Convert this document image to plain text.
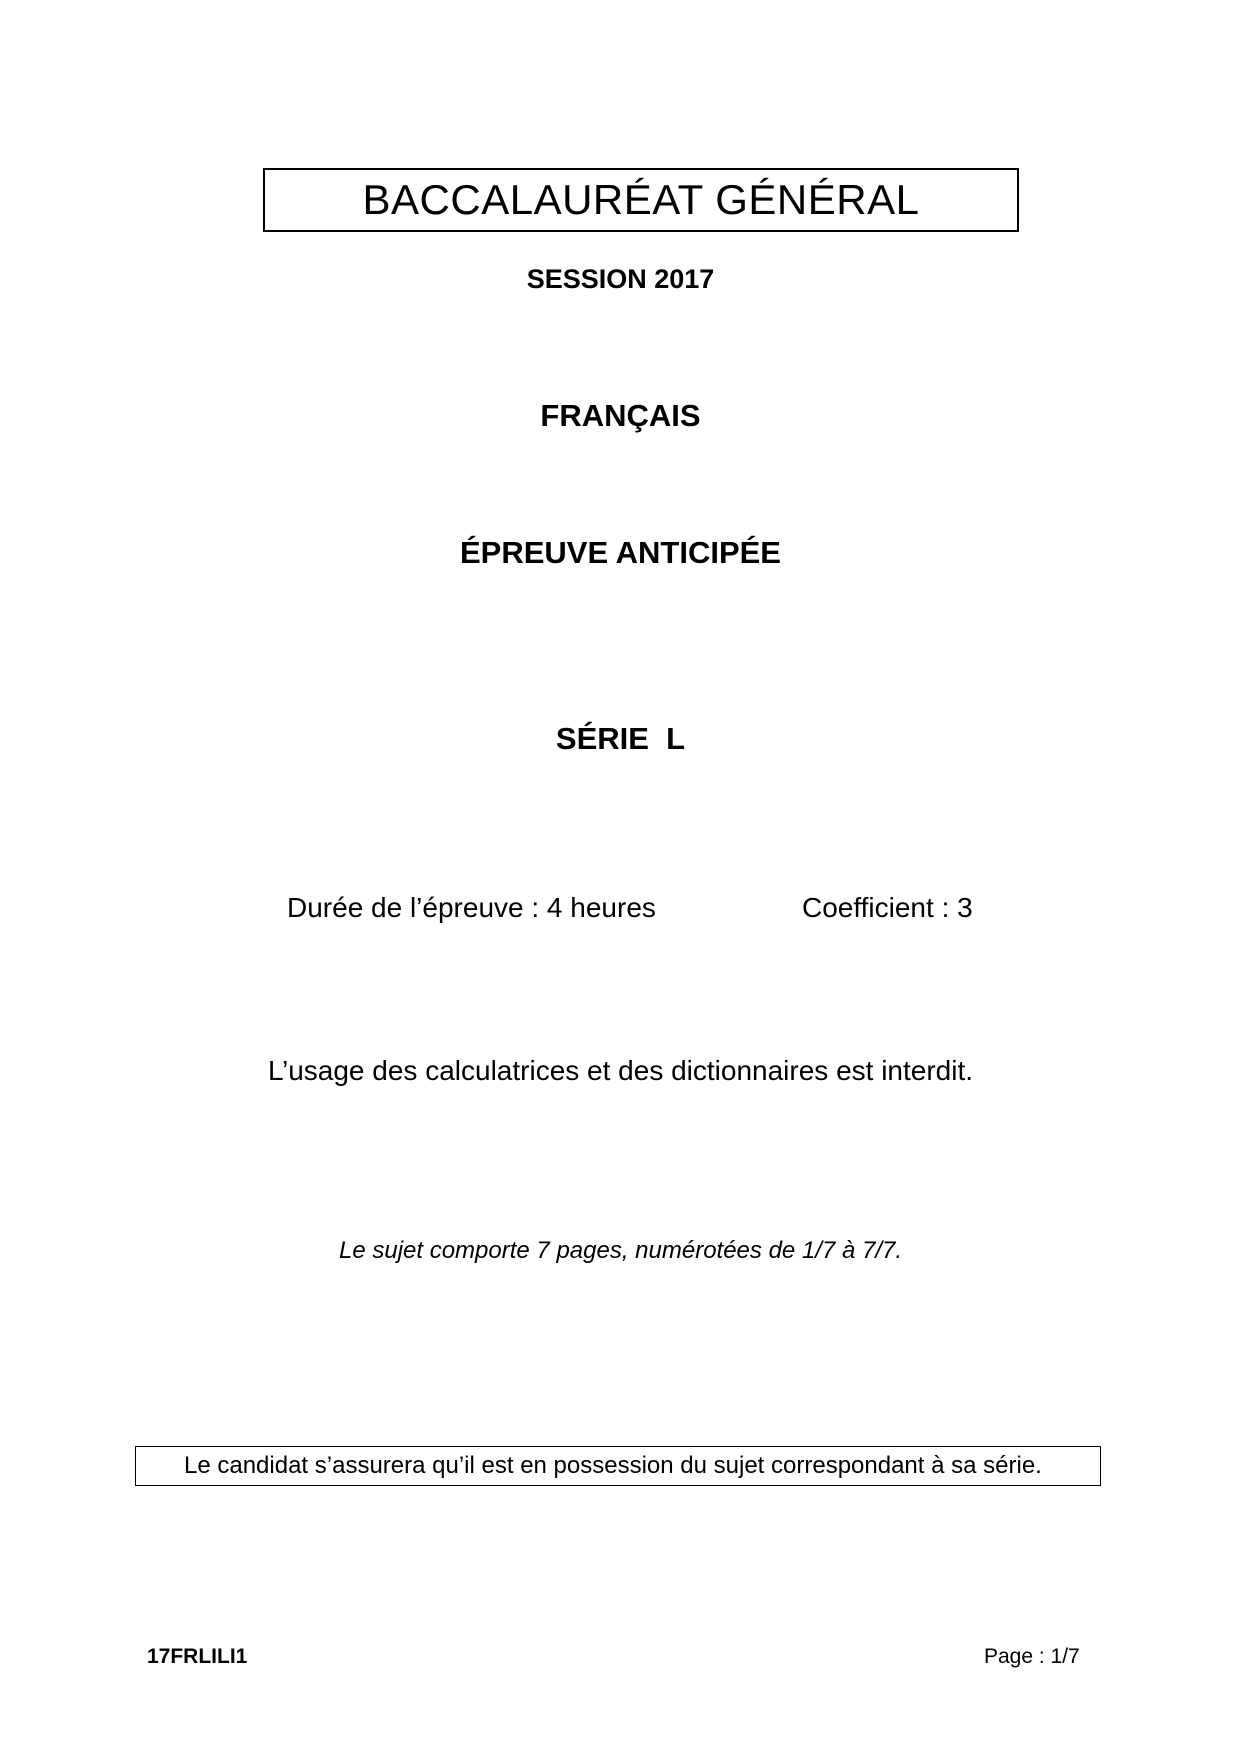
BACCALAURÉAT GÉNÉRAL
SESSION 2017
FRANÇAIS
ÉPREUVE ANTICIPÉE
SÉRIE  L
Durée de l’épreuve : 4 heures	Coefficient : 3
L’usage des calculatrices et des dictionnaires est interdit.
Le sujet comporte 7 pages, numérotées de 1/7 à 7/7.
Le candidat s’assurera qu’il est en possession du sujet correspondant à sa série.
17FRLILI1	Page : 1/7
